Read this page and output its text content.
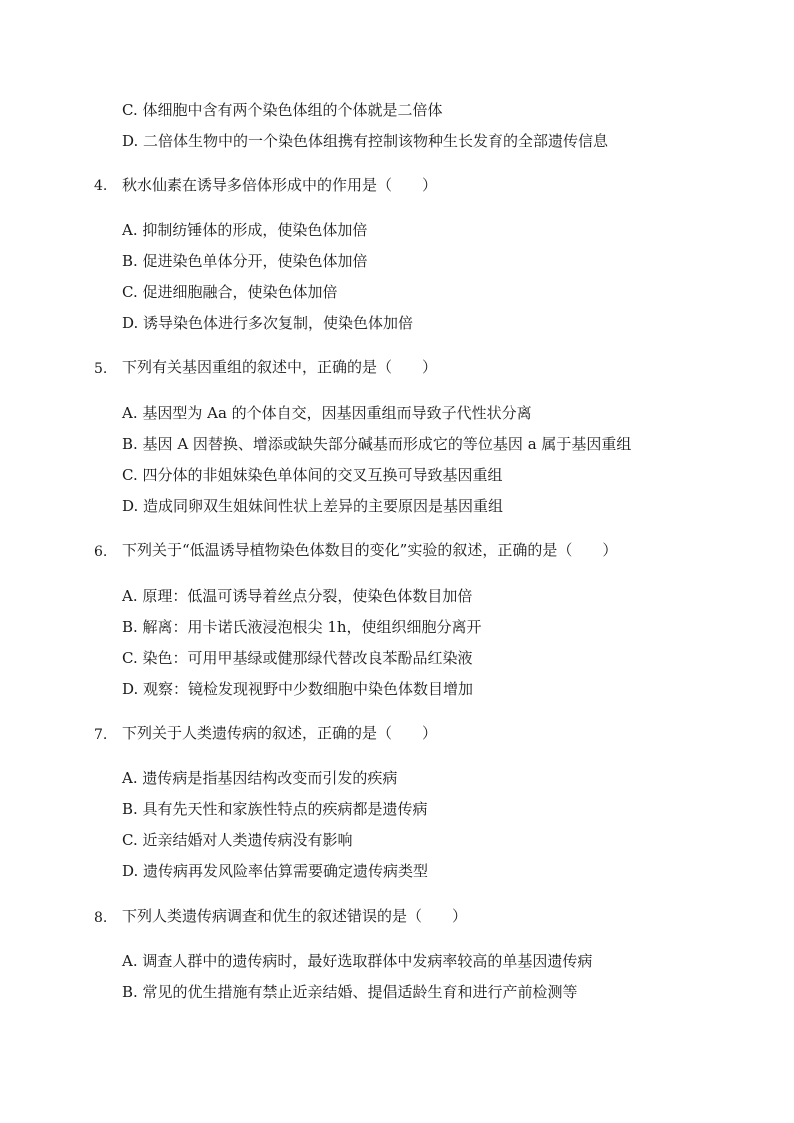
C. 体细胞中含有两个染色体组的个体就是二倍体
D. 二倍体生物中的一个染色体组携有控制该物种生长发育的全部遗传信息
4. 秋水仙素在诱导多倍体形成中的作用是（　　）
A. 抑制纺锤体的形成，使染色体加倍
B. 促进染色单体分开，使染色体加倍
C. 促进细胞融合，使染色体加倍
D. 诱导染色体进行多次复制，使染色体加倍
5. 下列有关基因重组的叙述中，正确的是（　　）
A. 基因型为 Aa 的个体自交，因基因重组而导致子代性状分离
B. 基因 A 因替换、增添或缺失部分碱基而形成它的等位基因 a 属于基因重组
C. 四分体的非姐妹染色单体间的交叉互换可导致基因重组
D. 造成同卵双生姐妹间性状上差异的主要原因是基因重组
6. 下列关于“低温诱导植物染色体数目的变化”实验的叙述，正确的是（　　）
A. 原理：低温可诱导着丝点分裂，使染色体数目加倍
B. 解离：用卡诺氏液浸泡根尖 1h，使组织细胞分离开
C. 染色：可用甲基绿或健那绿代替改良苯酚品红染液
D. 观察：镜检发现视野中少数细胞中染色体数目增加
7. 下列关于人类遗传病的叙述，正确的是（　　）
A. 遗传病是指基因结构改变而引发的疾病
B. 具有先天性和家族性特点的疾病都是遗传病
C. 近亲结婚对人类遗传病没有影响
D. 遗传病再发风险率估算需要确定遗传病类型
8. 下列人类遗传病调查和优生的叙述错误的是（　　）
A. 调查人群中的遗传病时，最好选取群体中发病率较高的单基因遗传病
B. 常见的优生措施有禁止近亲结婚、提倡适龄生育和进行产前检测等
